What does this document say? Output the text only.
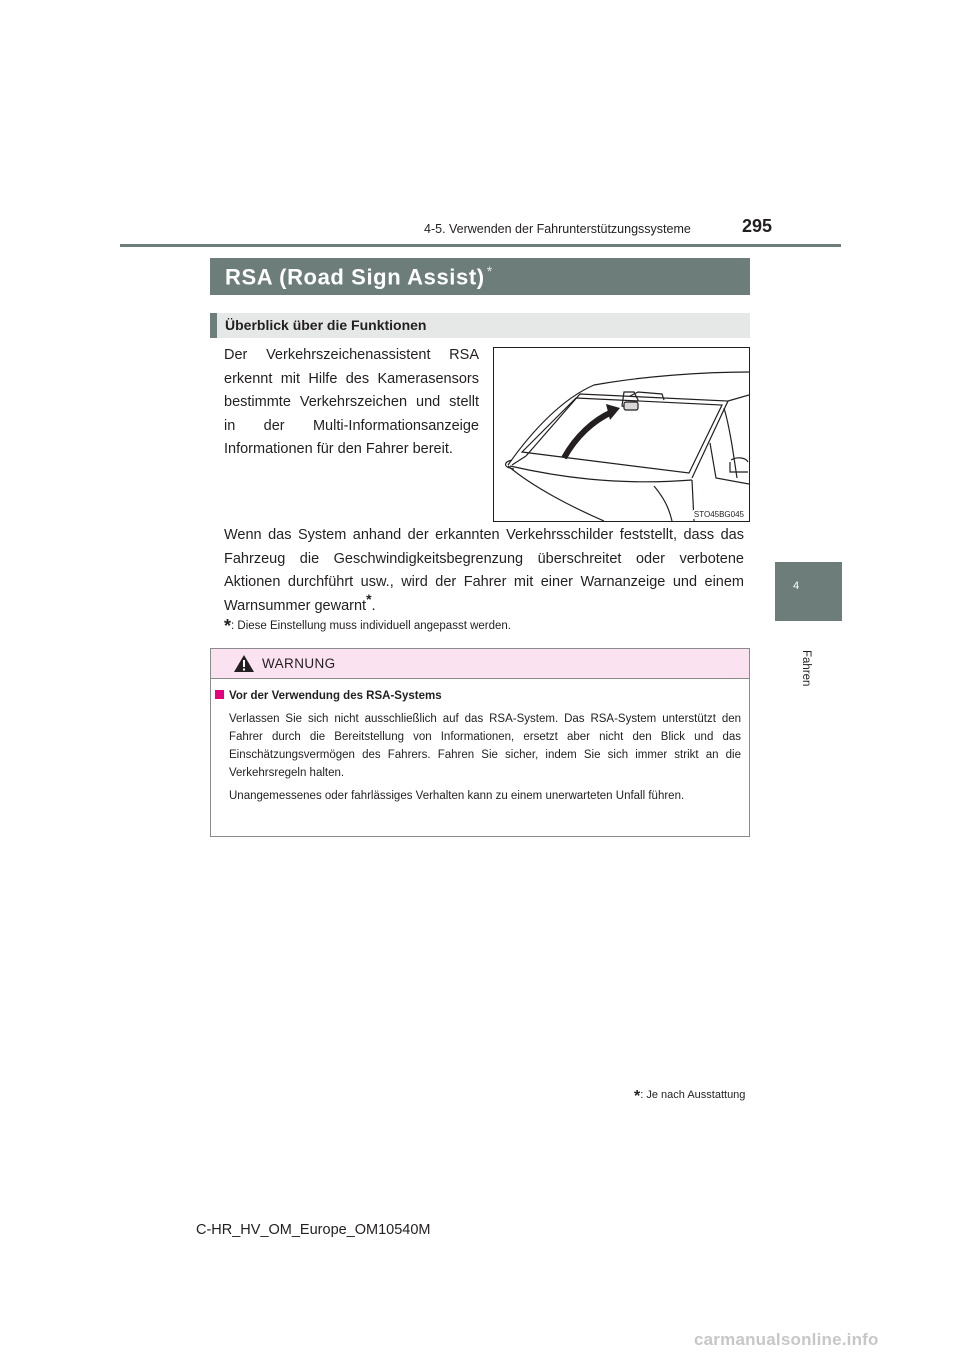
4-5. Verwenden der Fahrunterstützungssysteme	295
4
Fahren
RSA (Road Sign Assist) *
Überblick über die Funktionen
Der Verkehrszeichenassistent RSA erkennt mit Hilfe des Kamerasensors bestimmte Verkehrszeichen und stellt in der Multi-Informationsanzeige Informationen für den Fahrer bereit.
STO45BG045
Wenn das System anhand der erkannten Verkehrsschilder feststellt, dass das Fahrzeug die Geschwindigkeitsbegrenzung überschreitet oder verbotene Aktionen durchführt usw., wird der Fahrer mit einer Warnanzeige und einem Warnsummer gewarnt*.
*: Diese Einstellung muss individuell angepasst werden.
WARNUNG
Vor der Verwendung des RSA-Systems
Verlassen Sie sich nicht ausschließlich auf das RSA-System. Das RSA-System unterstützt den Fahrer durch die Bereitstellung von Informationen, ersetzt aber nicht den Blick und das Einschätzungsvermögen des Fahrers. Fahren Sie sicher, indem Sie sich immer strikt an die Verkehrsregeln halten.
Unangemessenes oder fahrlässiges Verhalten kann zu einem unerwarteten Unfall führen.
*: Je nach Ausstattung
C-HR_HV_OM_Europe_OM10540M
carmanualsonline.info
